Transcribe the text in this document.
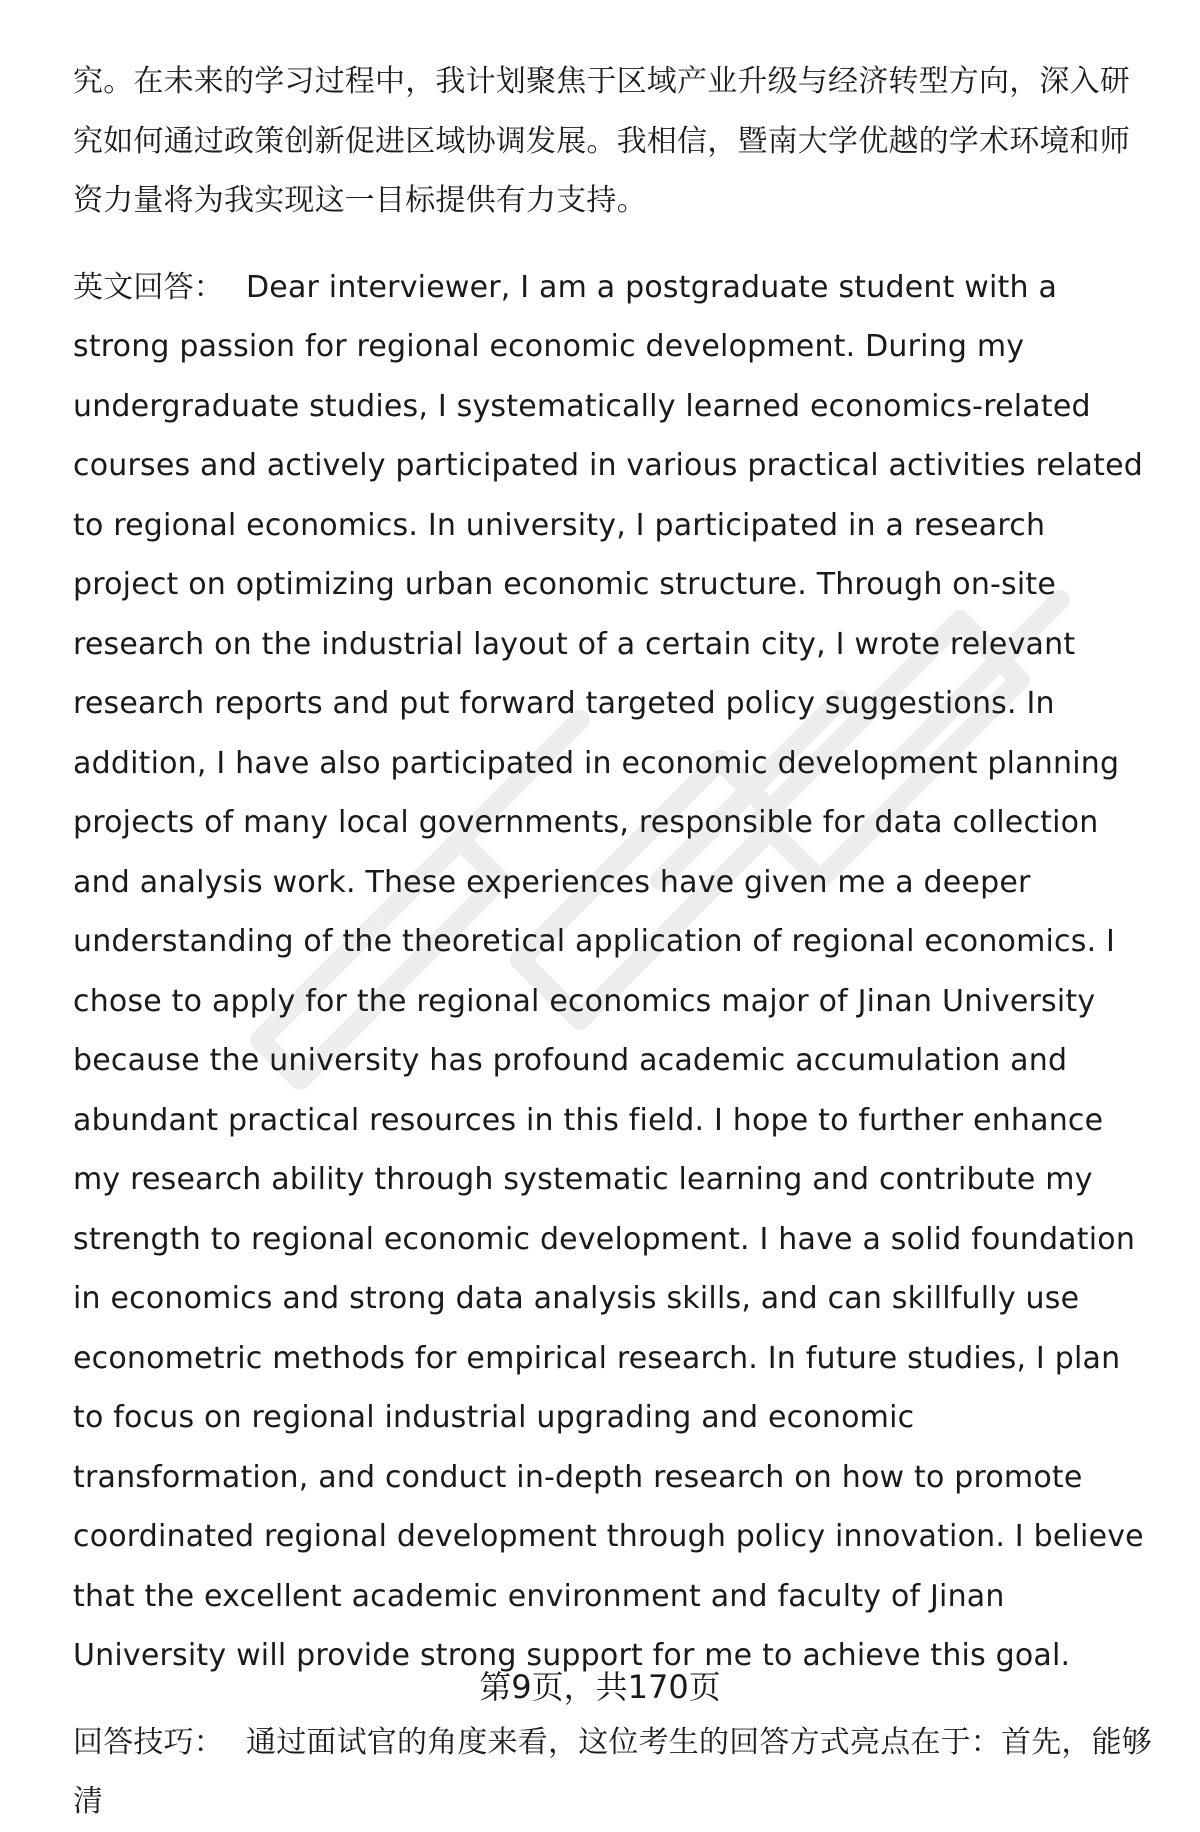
究。在未来的学习过程中，我计划聚焦于区域产业升级与经济转型方向，深入研究如何通过政策创新促进区域协调发展。我相信，暨南大学优越的学术环境和师资力量将为我实现这一目标提供有力支持。

英文回答： Dear interviewer, I am a postgraduate student with a strong passion for regional economic development. During my undergraduate studies, I systematically learned economics-related courses and actively participated in various practical activities related to regional economics. In university, I participated in a research project on optimizing urban economic structure. Through on-site research on the industrial layout of a certain city, I wrote relevant research reports and put forward targeted policy suggestions. In addition, I have also participated in economic development planning projects of many local governments, responsible for data collection and analysis work. These experiences have given me a deeper understanding of the theoretical application of regional economics. I chose to apply for the regional economics major of Jinan University because the university has profound academic accumulation and abundant practical resources in this field. I hope to further enhance my research ability through systematic learning and contribute my strength to regional economic development. I have a solid foundation in economics and strong data analysis skills, and can skillfully use econometric methods for empirical research. In future studies, I plan to focus on regional industrial upgrading and economic transformation, and conduct in-depth research on how to promote coordinated regional development through policy innovation. I believe that the excellent academic environment and faculty of Jinan University will provide strong support for me to achieve this goal.

回答技巧： 通过面试官的角度来看，这位考生的回答方式亮点在于：首先，能够清

第9页，共170页
